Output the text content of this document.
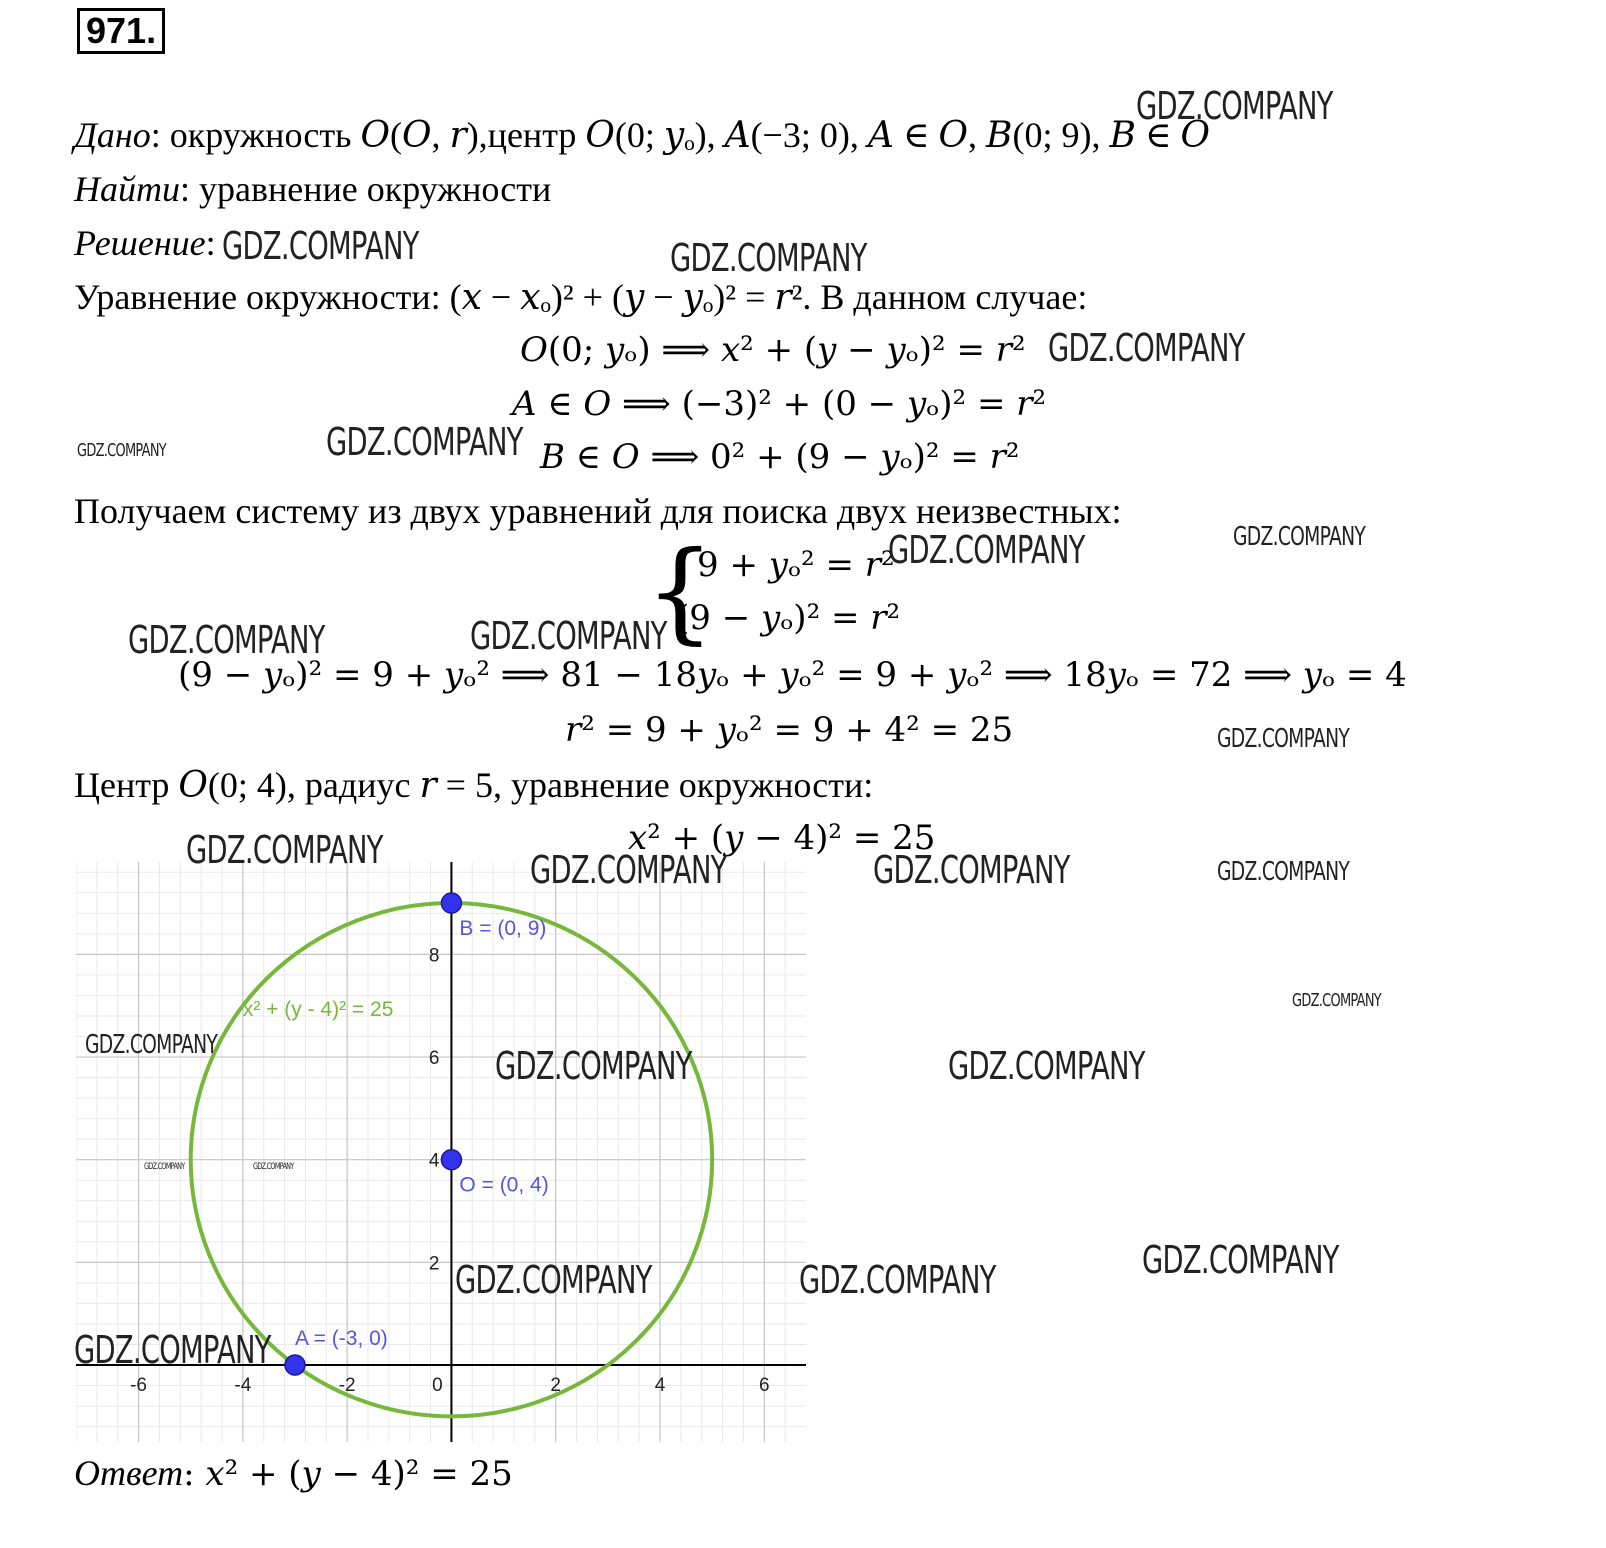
971.
Дано: окружность 𝑂(𝑂, 𝑟),центр 𝑂(0; 𝑦ₒ), 𝐴(−3; 0), 𝐴 ∈ 𝑂, 𝐵(0; 9), 𝐵 ∈ 𝑂
Найти: уравнение окружности
Решение:
Уравнение окружности: (𝑥 − 𝑥ₒ)² + (𝑦 − 𝑦ₒ)² = 𝑟². В данном случае:
𝑂(0; 𝑦ₒ) ⟹ 𝑥² + (𝑦 − 𝑦ₒ)² = 𝑟²
𝐴 ∈ 𝑂 ⟹ (−3)² + (0 − 𝑦ₒ)² = 𝑟²
𝐵 ∈ 𝑂 ⟹ 0² + (9 − 𝑦ₒ)² = 𝑟²
Получаем систему из двух уравнений для поиска двух неизвестных:
{
9 + 𝑦ₒ² = 𝑟²
(9 − 𝑦ₒ)² = 𝑟²
(9 − 𝑦ₒ)² = 9 + 𝑦ₒ² ⟹ 81 − 18𝑦ₒ + 𝑦ₒ² = 9 + 𝑦ₒ² ⟹ 18𝑦ₒ = 72 ⟹ 𝑦ₒ = 4
𝑟² = 9 + 𝑦ₒ² = 9 + 4² = 25
Центр 𝑂(0; 4), радиус 𝑟 = 5, уравнение окружности:
𝑥² + (𝑦 − 4)² = 25
-6	-4	-2	0	2	4	6
2
4
6
8
x² + (y - 4)² = 25
A = (-3, 0)
B = (0, 9)
O = (0, 4)
Ответ: 𝑥² + (𝑦 − 4)² = 25
GDZ.COMPANY
GDZ.COMPANY	GDZ.COMPANY
GDZ.COMPANY
GDZ.COMPANY	GDZ.COMPANY
GDZ.COMPANY
GDZ.COMPANY
GDZ.COMPANY	GDZ.COMPANY
GDZ.COMPANY
GDZ.COMPANY	GDZ.COMPANY	GDZ.COMPANY	GDZ.COMPANY
GDZ.COMPANY
GDZ.COMPANY	GDZ.COMPANY	GDZ.COMPANY
GDZ.COMPANY	GDZ.COMPANY
GDZ.COMPANY
GDZ.COMPANY	GDZ.COMPANY
GDZ.COMPANY
